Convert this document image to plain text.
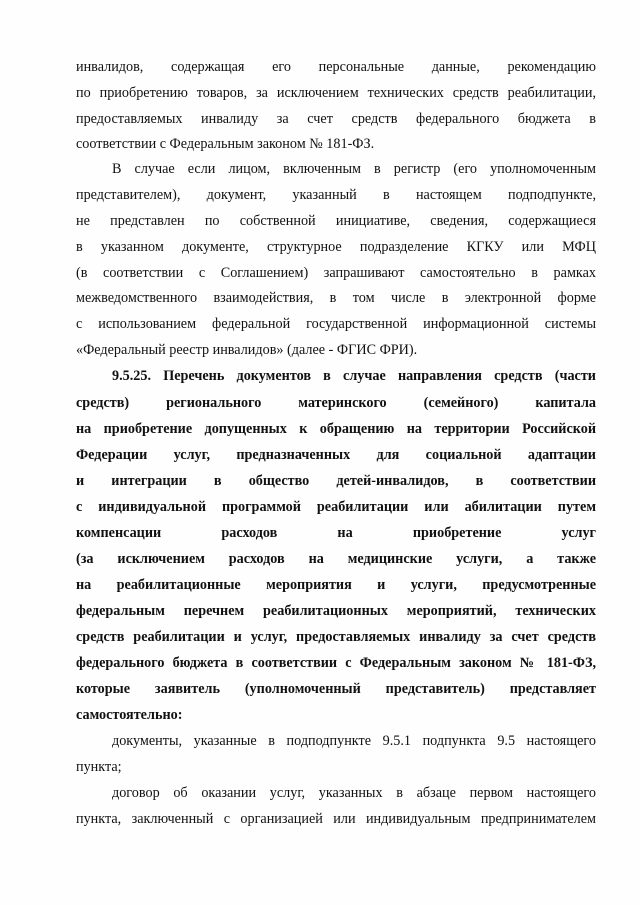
инвалидов, содержащая его персональные данные, рекомендацию
по приобретению товаров, за исключением технических средств реабилитации,
предоставляемых инвалиду за счет средств федерального бюджета в
соответствии с Федеральным законом № 181-ФЗ.
В случае если лицом, включенным в регистр (его уполномоченным
представителем), документ, указанный в настоящем подподпункте,
не представлен по собственной инициативе, сведения, содержащиеся
в указанном документе, структурное подразделение КГКУ или МФЦ
(в соответствии с Соглашением) запрашивают самостоятельно в рамках
межведомственного взаимодействия, в том числе в электронной форме
с использованием федеральной государственной информационной системы
«Федеральный реестр инвалидов» (далее - ФГИС ФРИ).
9.5.25. Перечень документов в случае направления средств (части
средств) регионального материнского (семейного) капитала
на приобретение допущенных к обращению на территории Российской
Федерации услуг, предназначенных для социальной адаптации
и интеграции в общество детей-инвалидов, в соответствии
с индивидуальной программой реабилитации или абилитации путем
компенсации расходов на приобретение услуг
(за исключением расходов на медицинские услуги, а также
на реабилитационные мероприятия и услуги, предусмотренные
федеральным перечнем реабилитационных мероприятий, технических
средств реабилитации и услуг, предоставляемых инвалиду за счет средств
федерального бюджета в соответствии с Федеральным законом № 181-ФЗ,
которые заявитель (уполномоченный представитель) представляет
самостоятельно:
документы, указанные в подподпункте 9.5.1 подпункта 9.5 настоящего
пункта;
договор об оказании услуг, указанных в абзаце первом настоящего
пункта, заключенный с организацией или индивидуальным предпринимателем
